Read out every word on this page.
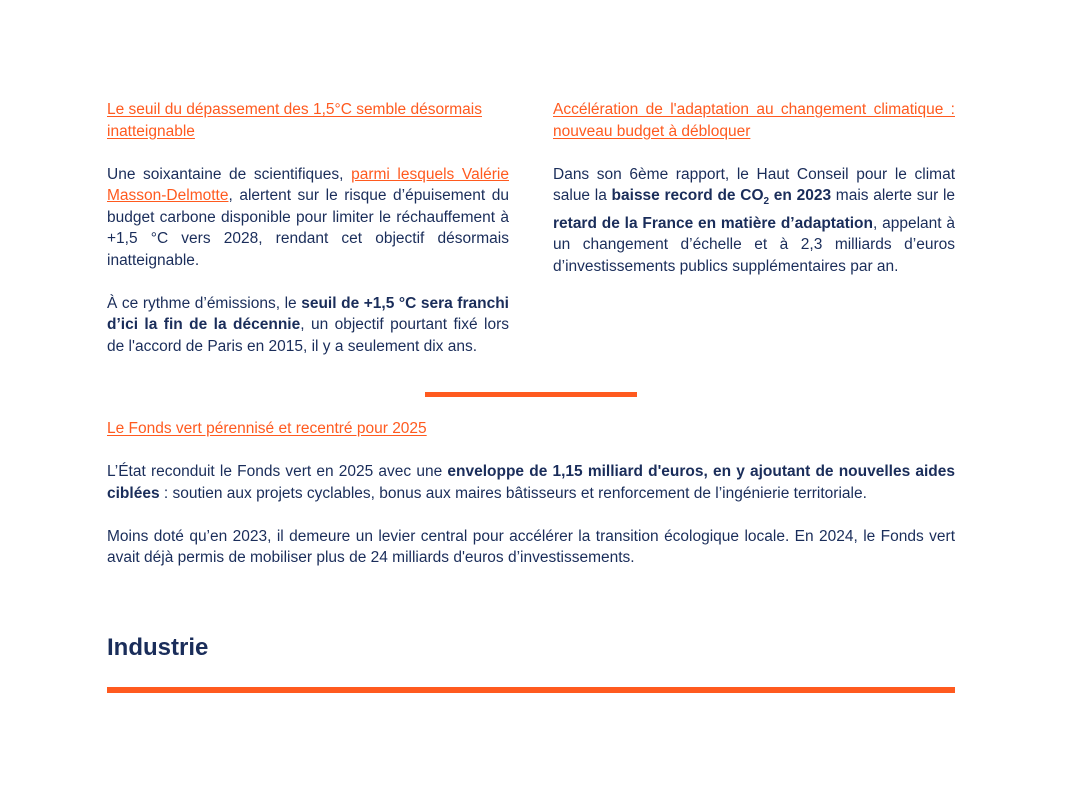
Le seuil du dépassement des 1,5°C semble désormais inatteignable

Une soixantaine de scientifiques, parmi lesquels Valérie Masson-Delmotte, alertent sur le risque d’épuisement du budget carbone disponible pour limiter le réchauffement à +1,5 °C vers 2028, rendant cet objectif désormais inatteignable.

À ce rythme d’émissions, le seuil de +1,5 °C sera franchi d’ici la fin de la décennie, un objectif pourtant fixé lors de l'accord de Paris en 2015, il y a seulement dix ans.

Accélération de l'adaptation au changement climatique : nouveau budget à débloquer

Dans son 6ème rapport, le Haut Conseil pour le climat salue la baisse record de $CO_2$ en 2023 mais alerte sur le retard de la France en matière d’adaptation, appelant à un changement d’échelle et à 2,3 milliards d’euros d’investissements publics supplémentaires par an.

Le Fonds vert pérennisé et recentré pour 2025

L’État reconduit le Fonds vert en 2025 avec une enveloppe de 1,15 milliard d'euros, en y ajoutant de nouvelles aides ciblées : soutien aux projets cyclables, bonus aux maires bâtisseurs et renforcement de l’ingénierie territoriale.

Moins doté qu’en 2023, il demeure un levier central pour accélérer la transition écologique locale. En 2024, le Fonds vert avait déjà permis de mobiliser plus de 24 milliards d'euros d’investissements.

Industrie
